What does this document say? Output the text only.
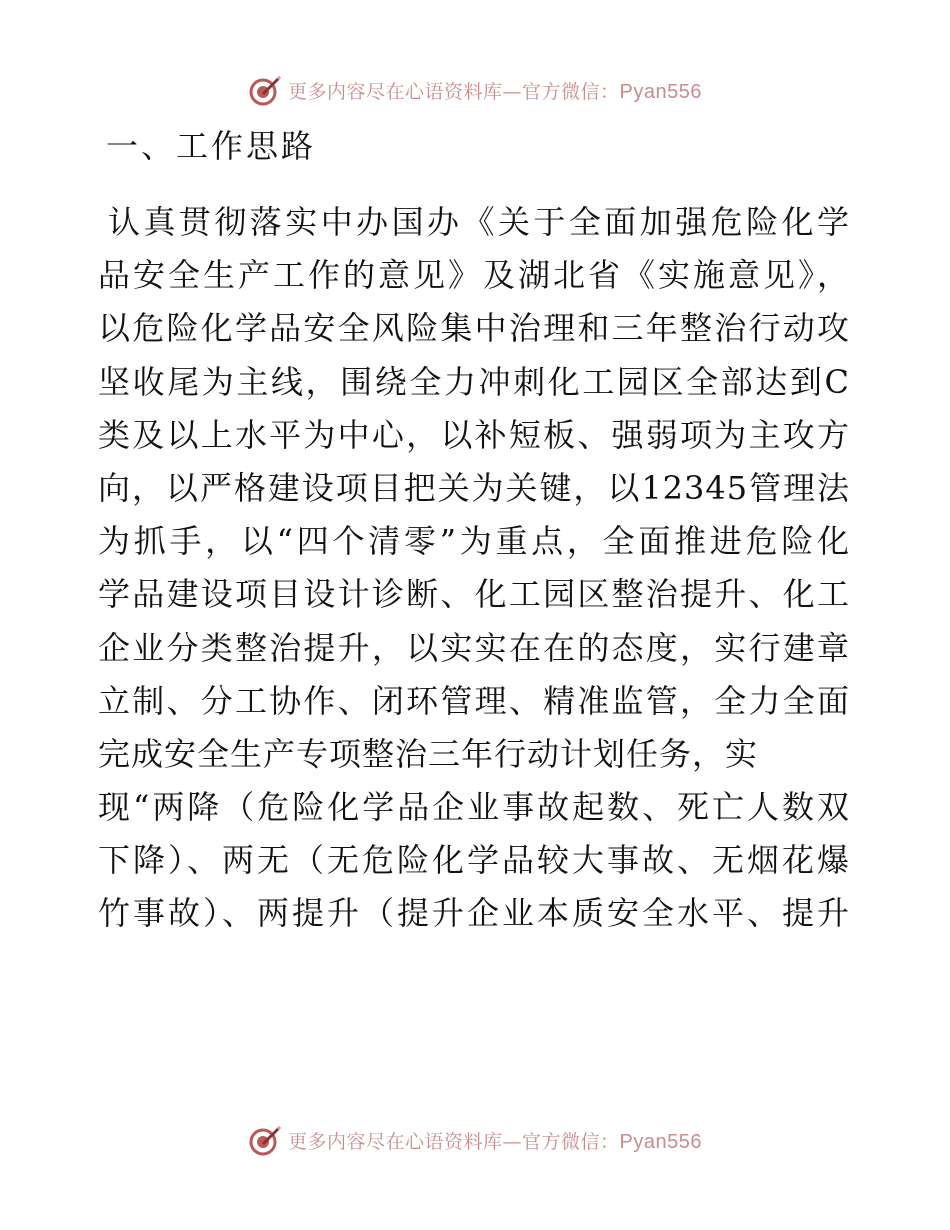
更多内容尽在心语资料库—官方微信：Pyan556
一、工作思路
认真贯彻落实中办国办《关于全面加强危险化学
品安全生产工作的意见》及湖北省《实施意见》，
以危险化学品安全风险集中治理和三年整治行动攻
坚收尾为主线，围绕全力冲刺化工园区全部达到C
类及以上水平为中心，以补短板、强弱项为主攻方
向，以严格建设项目把关为关键，以12345管理法
为抓手，以“四个清零”为重点，全面推进危险化
学品建设项目设计诊断、化工园区整治提升、化工
企业分类整治提升，以实实在在的态度，实行建章
立制、分工协作、闭环管理、精准监管，全力全面
完成安全生产专项整治三年行动计划任务，实
现“两降（危险化学品企业事故起数、死亡人数双
下降）、两无（无危险化学品较大事故、无烟花爆
竹事故）、两提升（提升企业本质安全水平、提升
更多内容尽在心语资料库—官方微信：Pyan556
